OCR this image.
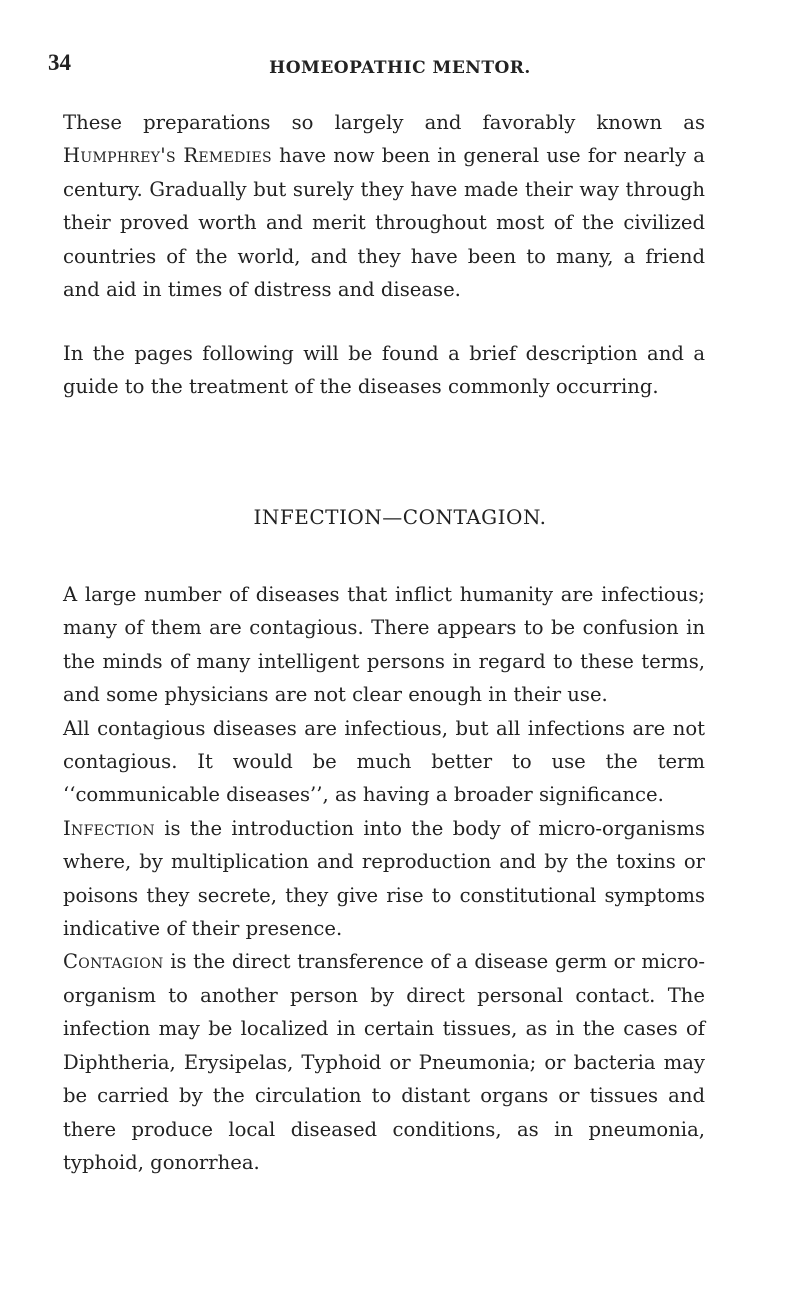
34	HOMEOPATHIC MENTOR.

These preparations so largely and favorably known as Humphrey's Remedies have now been in general use for nearly a century. Gradually but surely they have made their way through their proved worth and merit throughout most of the civilized countries of the world, and they have been to many, a friend and aid in times of distress and disease.

In the pages following will be found a brief description and a guide to the treatment of the diseases commonly occurring.

INFECTION—CONTAGION.

A large number of diseases that inflict humanity are infectious; many of them are contagious. There appears to be confusion in the minds of many intelligent persons in regard to these terms, and some physicians are not clear enough in their use.

All contagious diseases are infectious, but all infections are not contagious. It would be much better to use the term ‘‘communicable diseases’’, as having a broader significance.

Infection is the introduction into the body of micro-organisms where, by multiplication and reproduction and by the toxins or poisons they secrete, they give rise to constitutional symptoms indicative of their presence.

Contagion is the direct transference of a disease germ or micro-organism to another person by direct personal contact. The infection may be localized in certain tissues, as in the cases of Diphtheria, Erysipelas, Typhoid or Pneumonia; or bacteria may be carried by the circulation to distant organs or tissues and there produce local diseased conditions, as in pneumonia, typhoid, gonorrhea.
